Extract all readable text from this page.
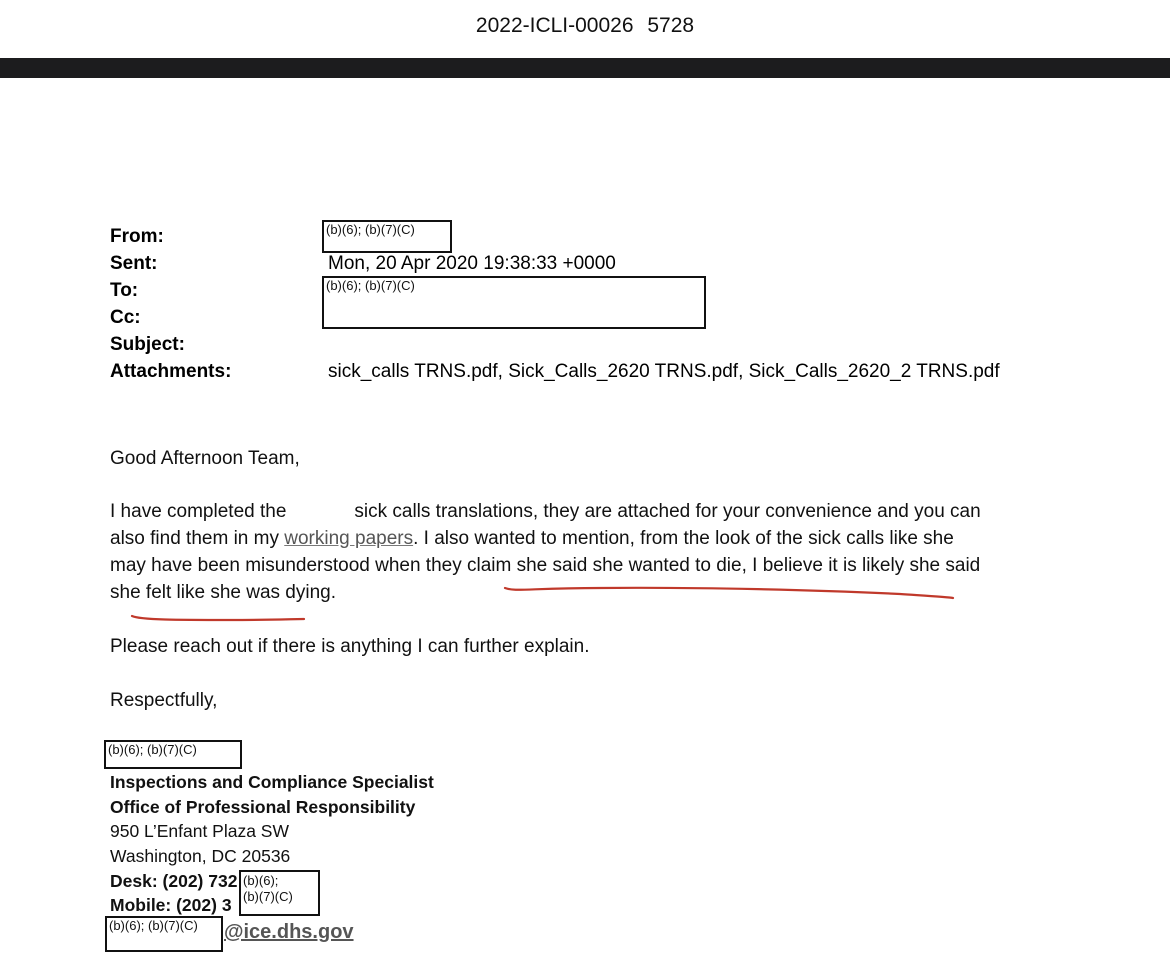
2022-ICLI-00026 5728
From:
Sent:
To:
Cc:
Subject:
Attachments:
(b)(6); (b)(7)(C)
Mon, 20 Apr 2020 19:38:33 +0000
(b)(6); (b)(7)(C)
sick_calls TRNS.pdf, Sick_Calls_2620 TRNS.pdf, Sick_Calls_2620_2 TRNS.pdf
Good Afternoon Team,

I have completed the	sick calls translations, they are attached for your convenience and you can

also find them in my working papers. I also wanted to mention, from the look of the sick calls like she

may have been misunderstood when they claim she said she wanted to die, I believe it is likely she said

she felt like she was dying.

Please reach out if there is anything I can further explain.
Respectfully,
(b)(6); (b)(7)(C)
Inspections and Compliance Specialist
Office of Professional Responsibility
950 L’Enfant Plaza SW
Washington, DC 20536
Desk: (202) 732
Mobile: (202) 3
(b)(6);
(b)(7)(C)
(b)(6); (b)(7)(C)	@ice.dhs.gov
